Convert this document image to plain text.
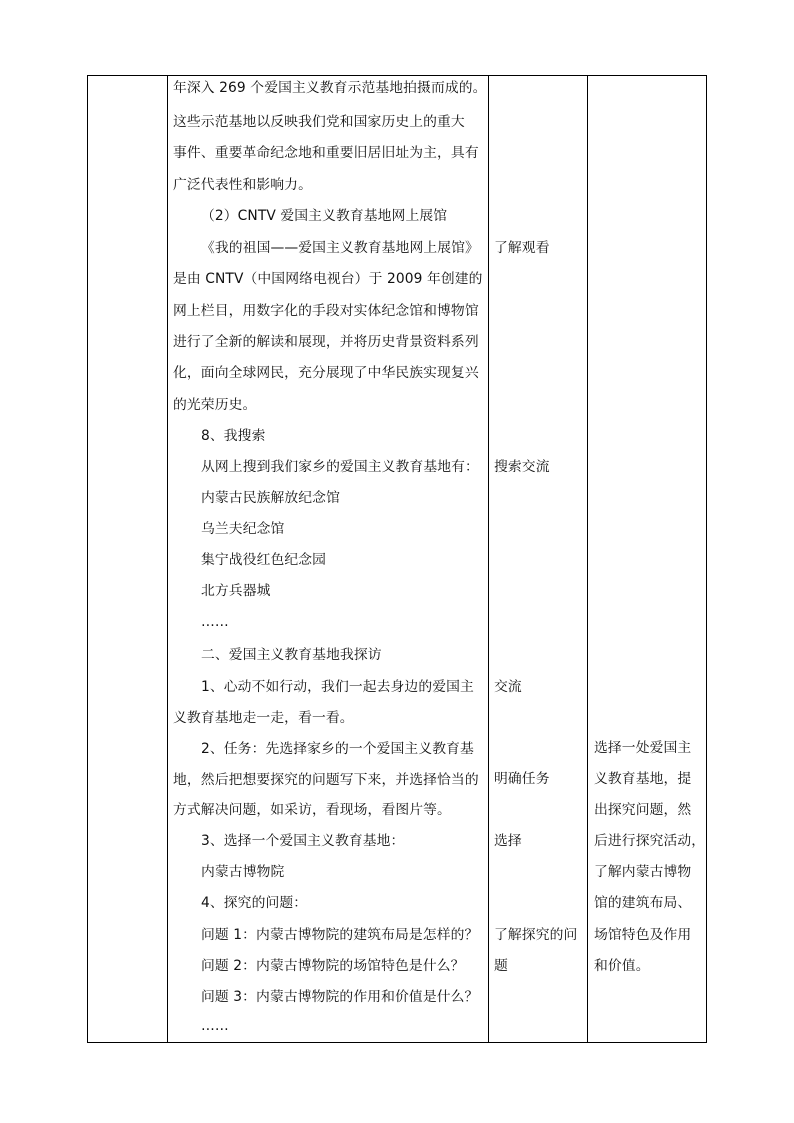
年深入 269 个爱国主义教育示范基地拍摄而成的。
这些示范基地以反映我们党和国家历史上的重大
事件、重要革命纪念地和重要旧居旧址为主，具有
广泛代表性和影响力。
（2）CNTV 爱国主义教育基地网上展馆
《我的祖国——爱国主义教育基地网上展馆》
是由 CNTV（中国网络电视台）于 2009 年创建的
网上栏目，用数字化的手段对实体纪念馆和博物馆
进行了全新的解读和展现，并将历史背景资料系列
化，面向全球网民，充分展现了中华民族实现复兴
的光荣历史。
8、我搜索
从网上搜到我们家乡的爱国主义教育基地有：
内蒙古民族解放纪念馆
乌兰夫纪念馆
集宁战役红色纪念园
北方兵器城
……
二、爱国主义教育基地我探访
1、心动不如行动，我们一起去身边的爱国主
义教育基地走一走，看一看。
2、任务：先选择家乡的一个爱国主义教育基
地，然后把想要探究的问题写下来，并选择恰当的
方式解决问题，如采访，看现场，看图片等。
3、选择一个爱国主义教育基地：
内蒙古博物院
4、探究的问题：
问题 1：内蒙古博物院的建筑布局是怎样的？
问题 2：内蒙古博物院的场馆特色是什么？
问题 3：内蒙古博物院的作用和价值是什么？
……
了解观看
搜索交流
交流
明确任务
选择
了解探究的问
题
选择一处爱国主
义教育基地，提
出探究问题，然
后进行探究活动，
了解内蒙古博物
馆的建筑布局、
场馆特色及作用
和价值。
